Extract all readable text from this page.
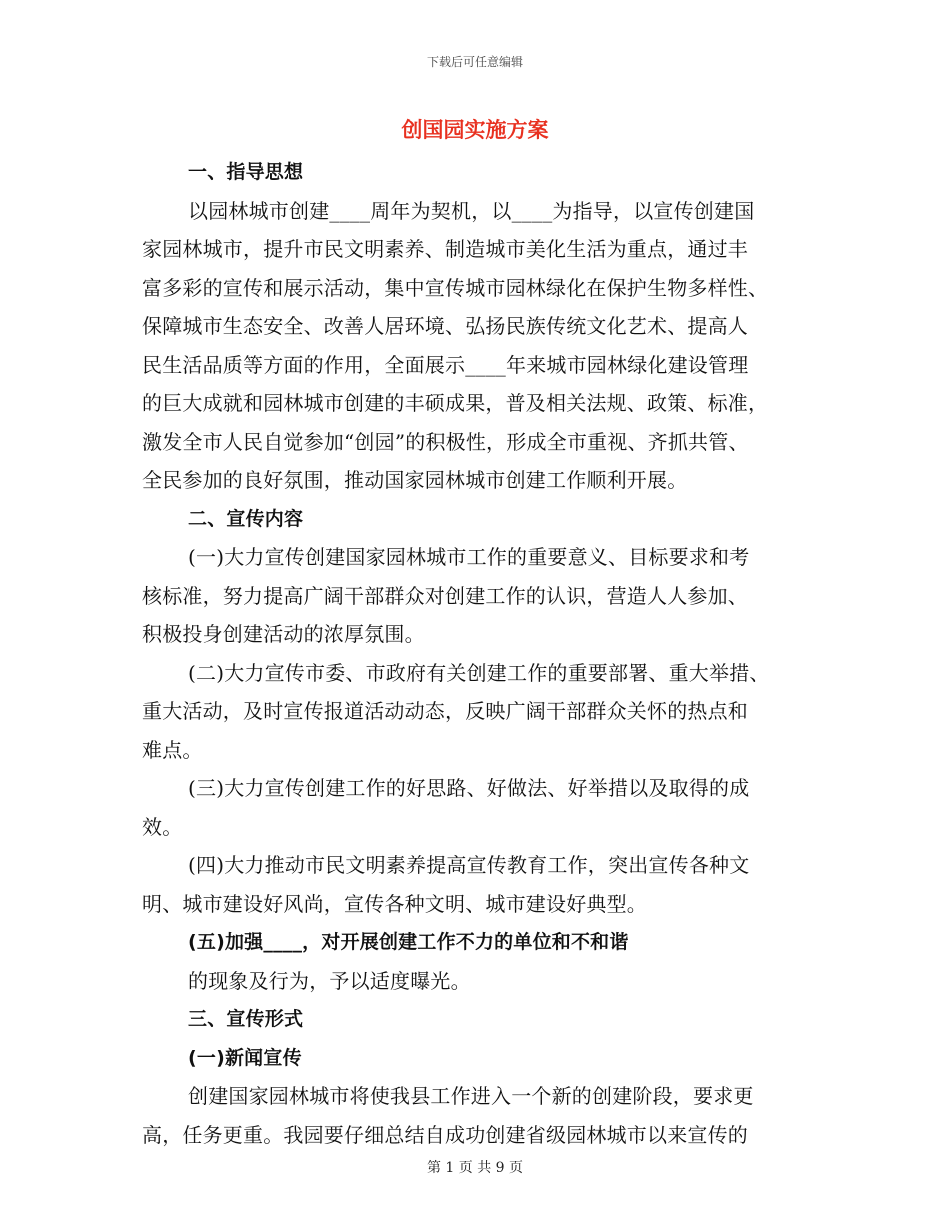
下载后可任意编辑
创国园实施方案
一、指导思想
以园林城市创建____周年为契机，以____为指导，以宣传创建国
家园林城市，提升市民文明素养、制造城市美化生活为重点，通过丰
富多彩的宣传和展示活动，集中宣传城市园林绿化在保护生物多样性、
保障城市生态安全、改善人居环境、弘扬民族传统文化艺术、提高人
民生活品质等方面的作用，全面展示____年来城市园林绿化建设管理
的巨大成就和园林城市创建的丰硕成果，普及相关法规、政策、标准，
激发全市人民自觉参加“创园”的积极性，形成全市重视、齐抓共管、
全民参加的良好氛围，推动国家园林城市创建工作顺利开展。
二、宣传内容
(一)大力宣传创建国家园林城市工作的重要意义、目标要求和考
核标准，努力提高广阔干部群众对创建工作的认识，营造人人参加、
积极投身创建活动的浓厚氛围。
(二)大力宣传市委、市政府有关创建工作的重要部署、重大举措、
重大活动，及时宣传报道活动动态，反映广阔干部群众关怀的热点和
难点。
(三)大力宣传创建工作的好思路、好做法、好举措以及取得的成
效。
(四)大力推动市民文明素养提高宣传教育工作，突出宣传各种文
明、城市建设好风尚，宣传各种文明、城市建设好典型。
(五)加强____，对开展创建工作不力的单位和不和谐
的现象及行为，予以适度曝光。
三、宣传形式
(一)新闻宣传
创建国家园林城市将使我县工作进入一个新的创建阶段，要求更
高，任务更重。我园要仔细总结自成功创建省级园林城市以来宣传的
第 1 页 共 9 页
